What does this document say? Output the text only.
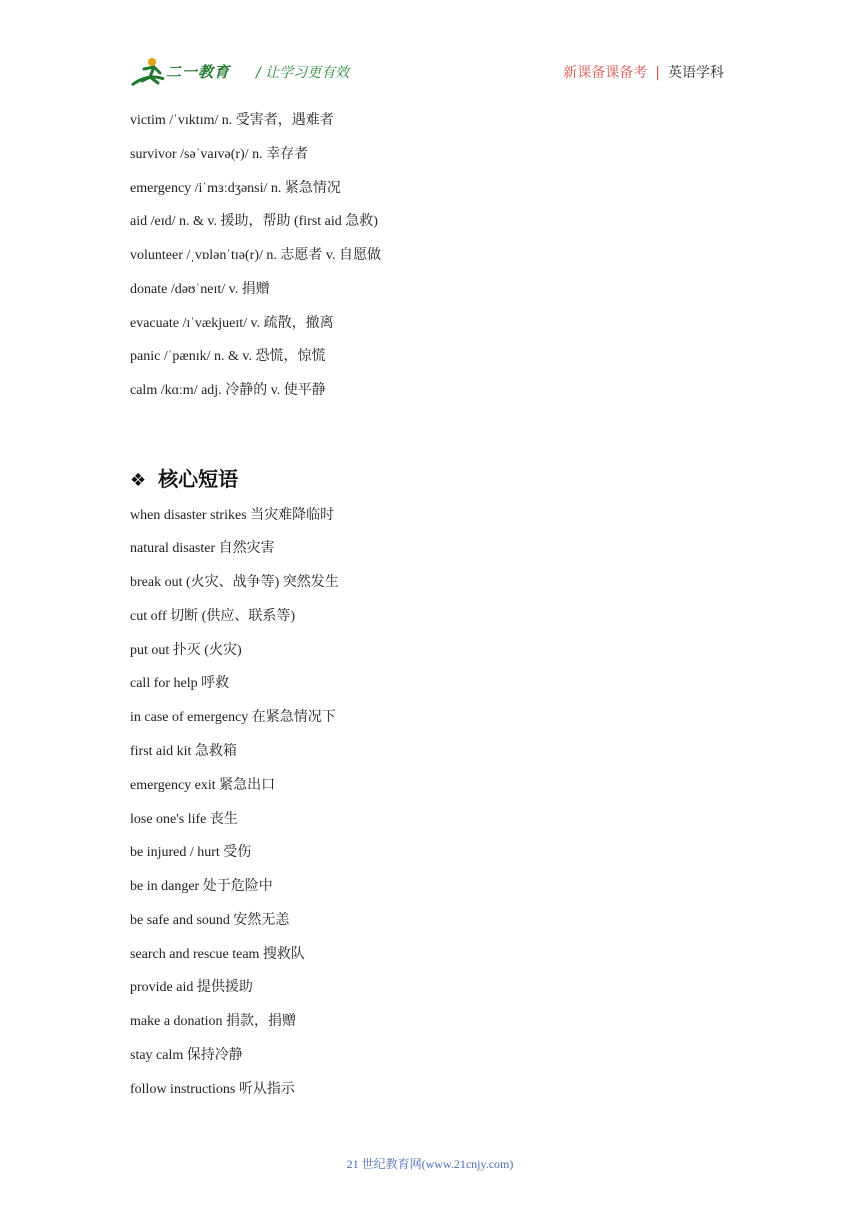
二一教育 / 让学习更有效	新课备课备考 | 英语学科
victim /ˈvɪktɪm/ n. 受害者，遇难者
survivor /səˈvaɪvə(r)/ n. 幸存者
emergency /iˈmɜːdʒənsi/ n. 紧急情况
aid /eɪd/ n. & v. 援助，帮助 (first aid 急救)
volunteer /ˌvɒlənˈtɪə(r)/ n. 志愿者 v. 自愿做
donate /dəʊˈneɪt/ v. 捐赠
evacuate /ɪˈvækjueɪt/ v. 疏散，撤离
panic /ˈpænɪk/ n. & v. 恐慌，惊慌
calm /kɑːm/ adj. 冷静的 v. 使平静
❖ 核心短语
when disaster strikes 当灾难降临时
natural disaster 自然灾害
break out (火灾、战争等) 突然发生
cut off 切断 (供应、联系等)
put out 扑灭 (火灾)
call for help 呼救
in case of emergency 在紧急情况下
first aid kit 急救箱
emergency exit 紧急出口
lose one's life 丧生
be injured / hurt 受伤
be in danger 处于危险中
be safe and sound 安然无恙
search and rescue team 搜救队
provide aid 提供援助
make a donation 捐款，捐赠
stay calm 保持冷静
follow instructions 听从指示
21 世纪教育网(www.21cnjy.com)
